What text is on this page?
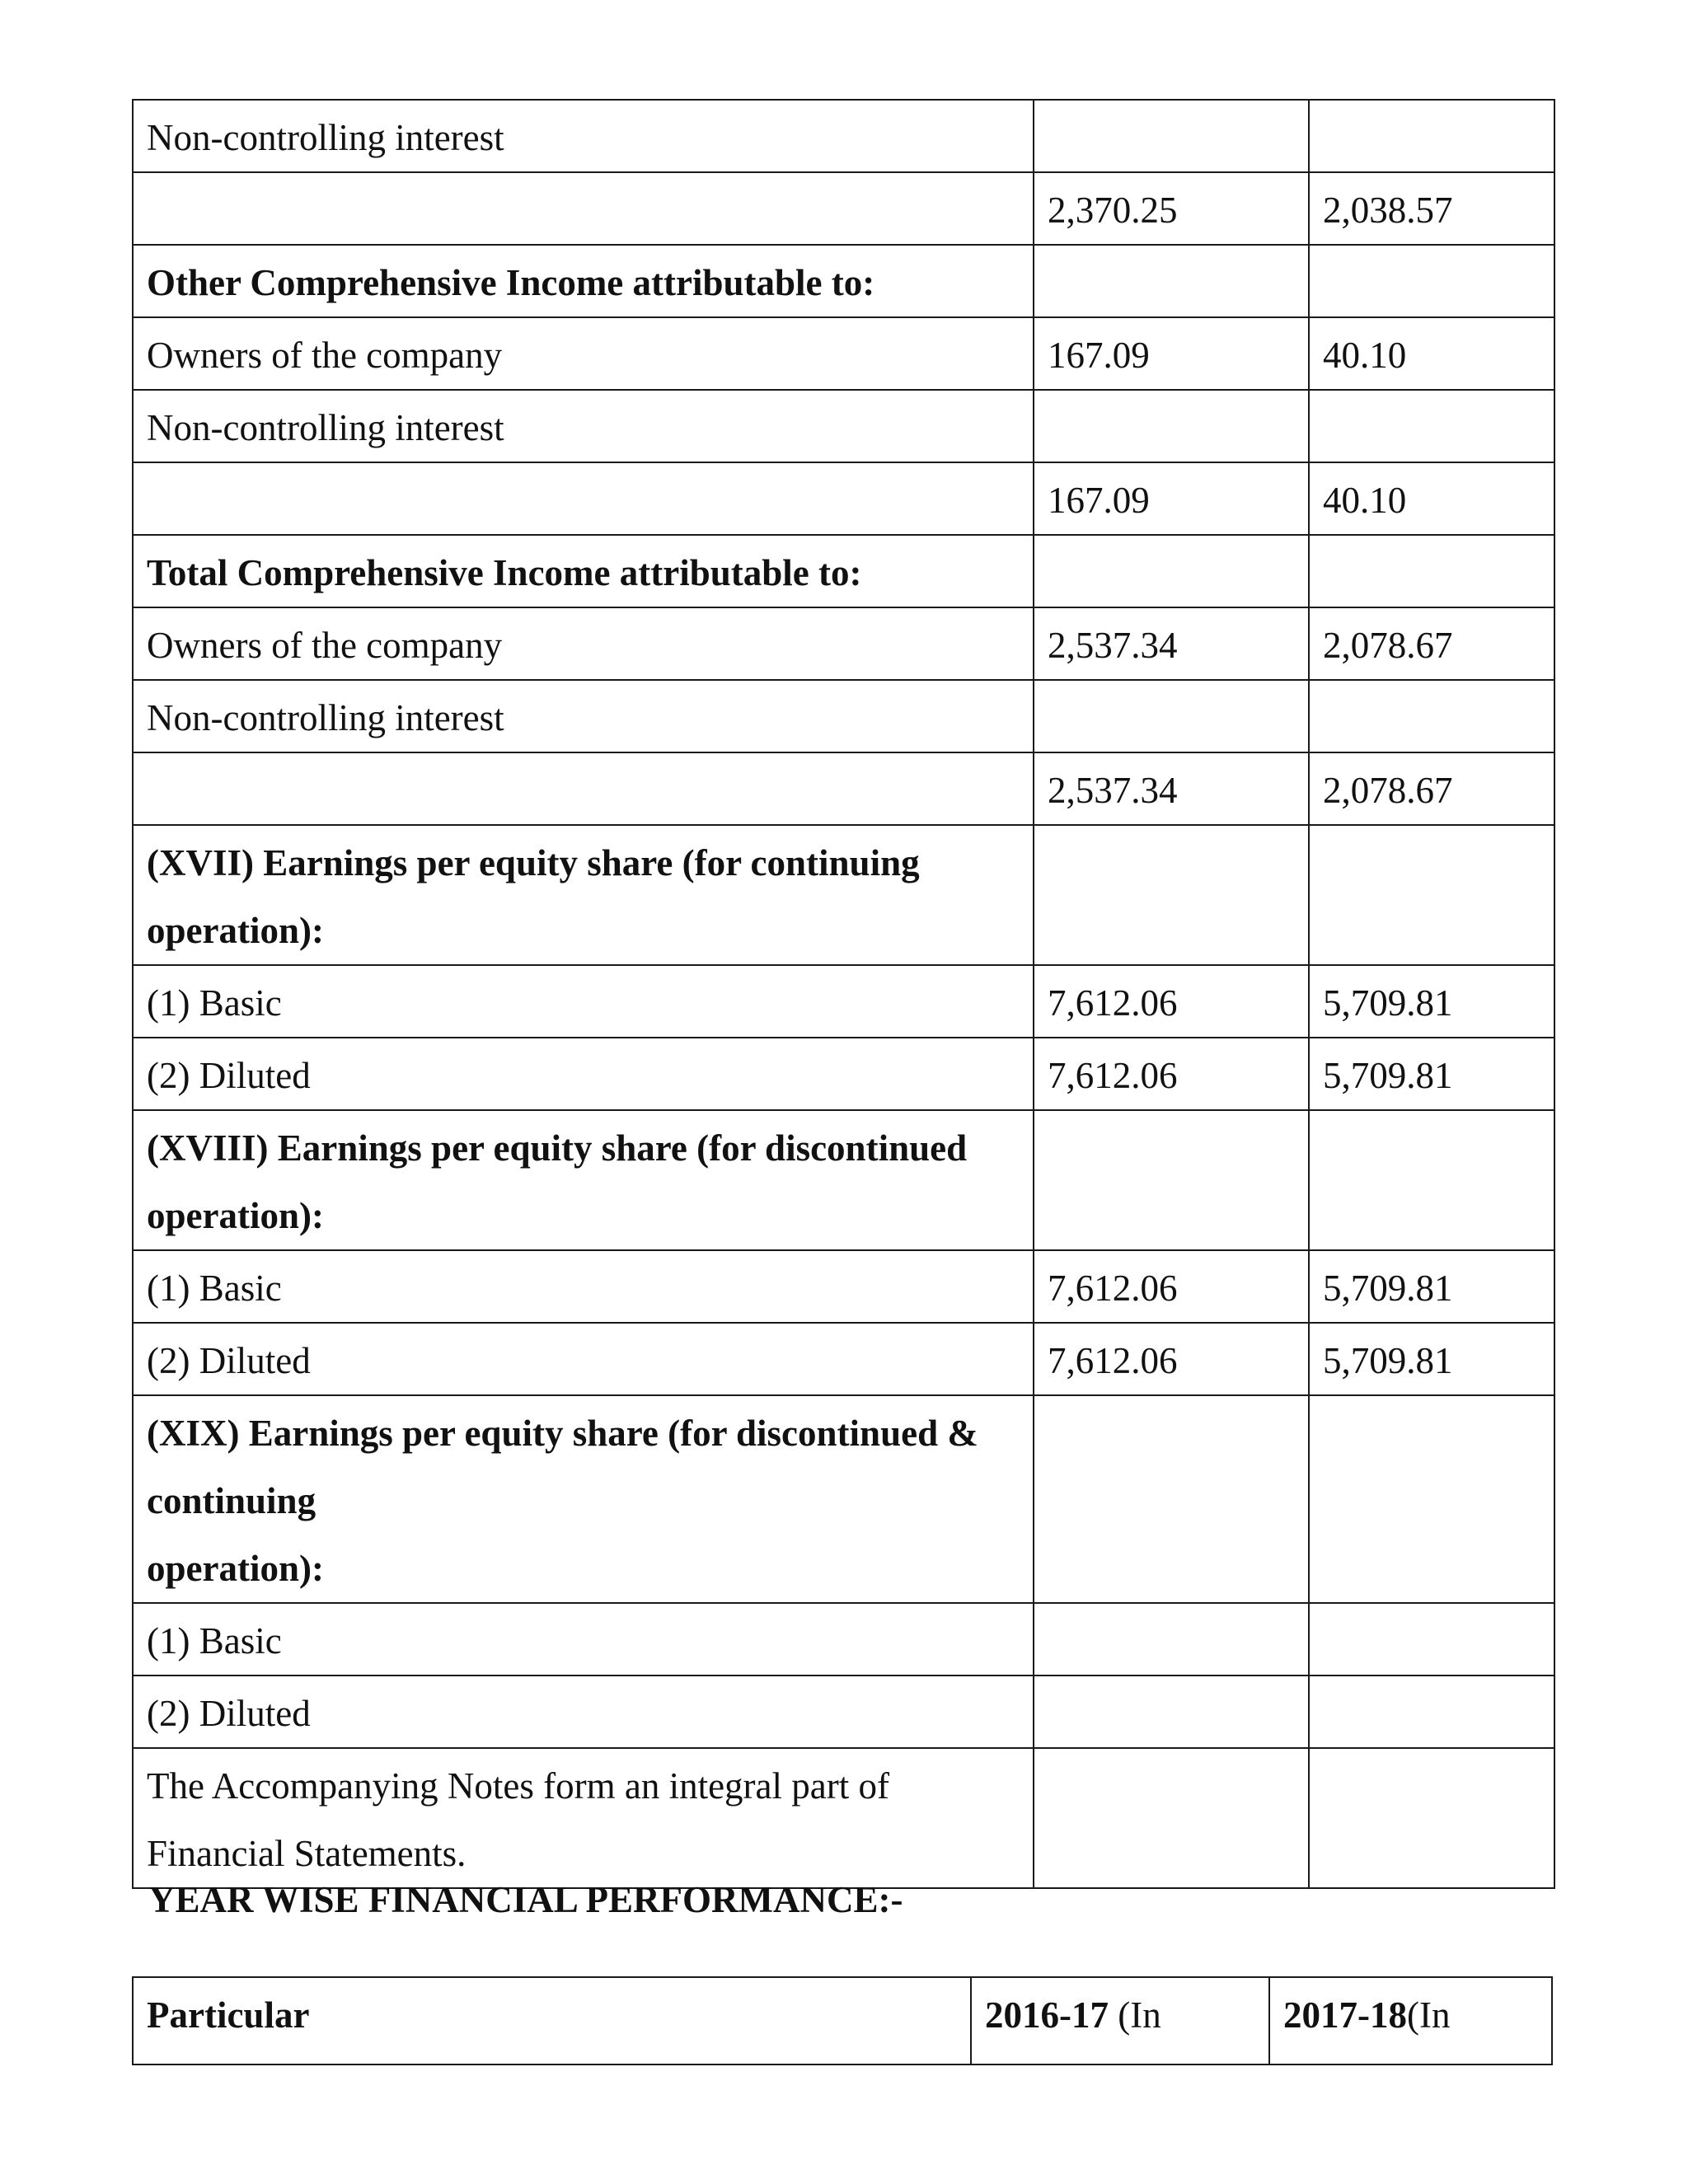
Non-controlling interest		
	2,370.25	2,038.57
Other Comprehensive Income attributable to:		
Owners of the company	167.09	40.10
Non-controlling interest		
	167.09	40.10
Total Comprehensive Income attributable to:		
Owners of the company	2,537.34	2,078.67
Non-controlling interest		
	2,537.34	2,078.67

(XVII) Earnings per equity share (for continuing
operation):		

(1) Basic	7,612.06	5,709.81
(2) Diluted	7,612.06	5,709.81

(XVIII) Earnings per equity share (for discontinued
operation):		

(1) Basic	7,612.06	5,709.81
(2) Diluted	7,612.06	5,709.81

(XIX) Earnings per equity share (for discontinued &
continuing
operation):		

(1) Basic		
(2) Diluted		

The Accompanying Notes form an integral part of
Financial Statements.		

YEAR WISE FINANCIAL PERFORMANCE:-
Particular	2016-17 (In	2017-18(In
